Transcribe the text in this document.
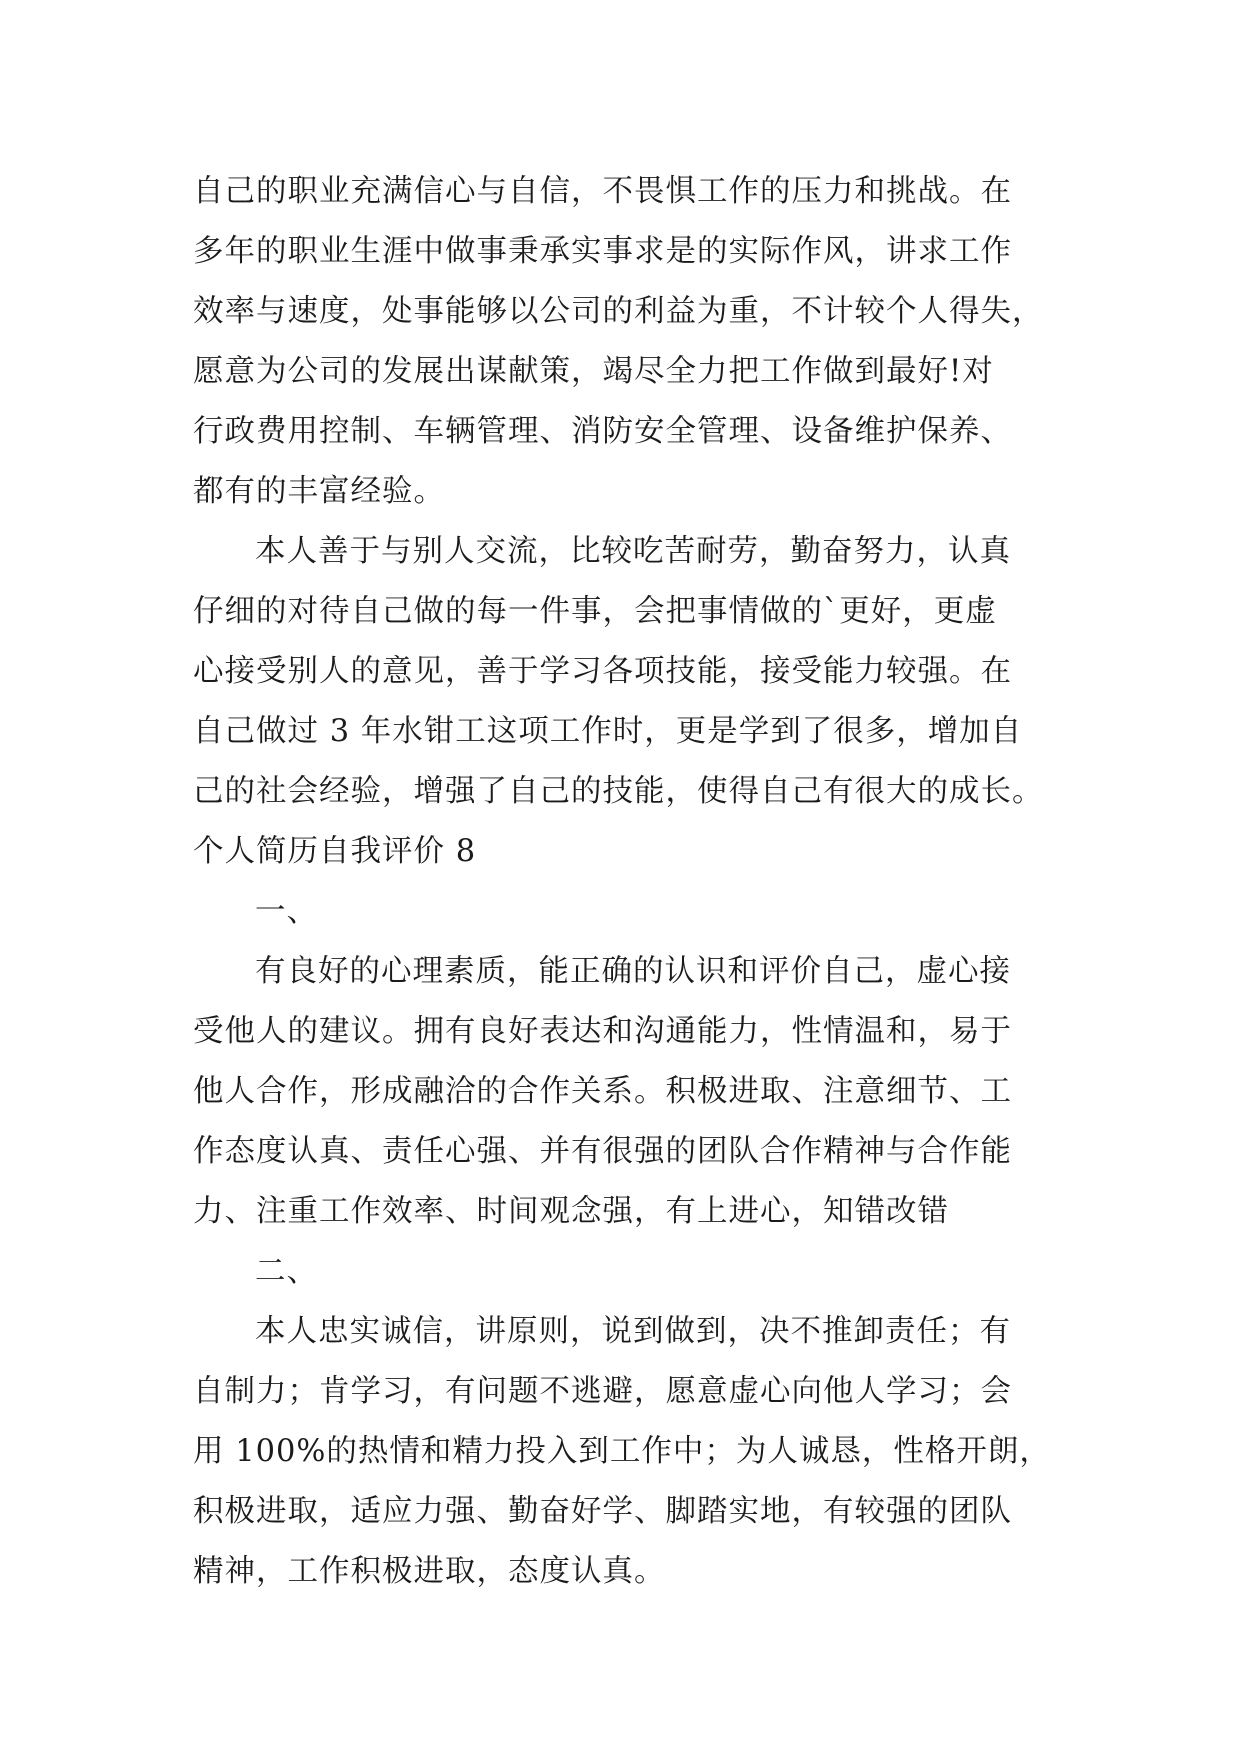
自己的职业充满信心与自信，不畏惧工作的压力和挑战。在
多年的职业生涯中做事秉承实事求是的实际作风，讲求工作
效率与速度，处事能够以公司的利益为重，不计较个人得失，
愿意为公司的发展出谋献策，竭尽全力把工作做到最好!对
行政费用控制、车辆管理、消防安全管理、设备维护保养、
都有的丰富经验。
本人善于与别人交流，比较吃苦耐劳，勤奋努力，认真
仔细的对待自己做的每一件事，会把事情做的`更好，更虚
心接受别人的意见，善于学习各项技能，接受能力较强。在
自己做过 3 年水钳工这项工作时，更是学到了很多，增加自
己的社会经验，增强了自己的技能，使得自己有很大的成长。
个人简历自我评价 8
一、
有良好的心理素质，能正确的认识和评价自己，虚心接
受他人的建议。拥有良好表达和沟通能力，性情温和，易于
他人合作，形成融洽的合作关系。积极进取、注意细节、工
作态度认真、责任心强、并有很强的团队合作精神与合作能
力、注重工作效率、时间观念强，有上进心，知错改错
二、
本人忠实诚信，讲原则，说到做到，决不推卸责任；有
自制力；肯学习，有问题不逃避，愿意虚心向他人学习；会
用 100%的热情和精力投入到工作中；为人诚恳，性格开朗，
积极进取，适应力强、勤奋好学、脚踏实地，有较强的团队
精神，工作积极进取，态度认真。
